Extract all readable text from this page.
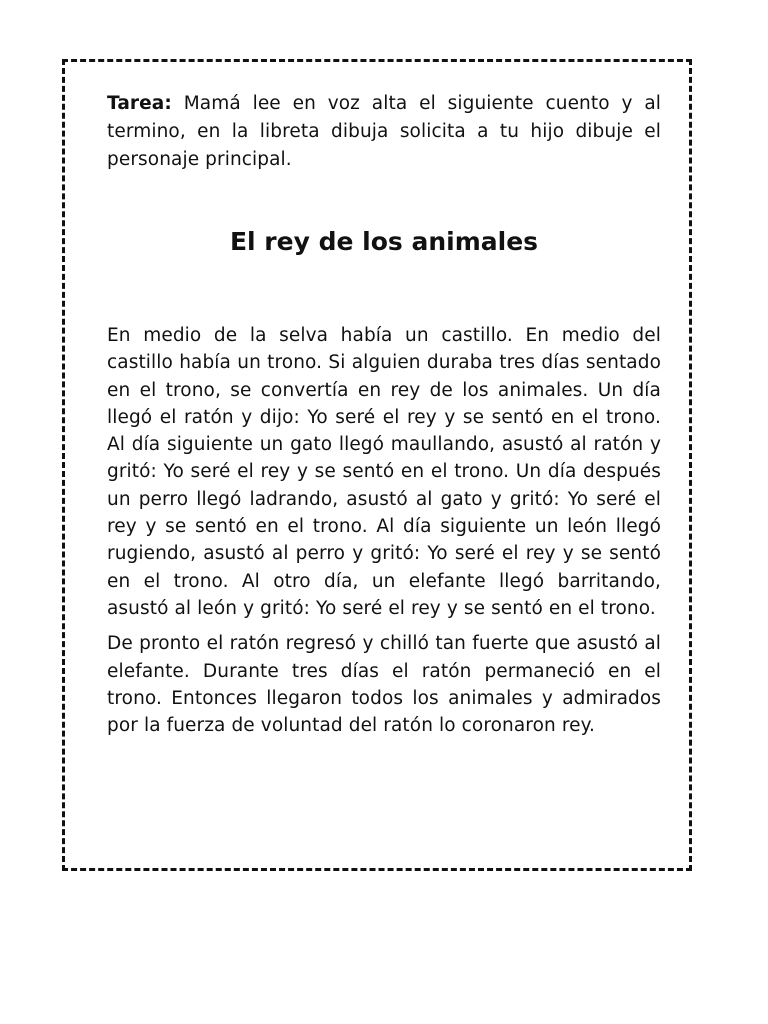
Tarea: Mamá lee en voz alta el siguiente cuento y al termino, en la libreta dibuja solicita a tu hijo dibuje el personaje principal.

El rey de los animales

En medio de la selva había un castillo. En medio del castillo había un trono. Si alguien duraba tres días sentado en el trono, se convertía en rey de los animales. Un día llegó el ratón y dijo: Yo seré el rey y se sentó en el trono. Al día siguiente un gato llegó maullando, asustó al ratón y gritó: Yo seré el rey y se sentó en el trono. Un día después un perro llegó ladrando, asustó al gato y gritó: Yo seré el rey y se sentó en el trono. Al día siguiente un león llegó rugiendo, asustó al perro y gritó: Yo seré el rey y se sentó en el trono. Al otro día, un elefante llegó barritando, asustó al león y gritó: Yo seré el rey y se sentó en el trono.

De pronto el ratón regresó y chilló tan fuerte que asustó al elefante. Durante tres días el ratón permaneció en el trono. Entonces llegaron todos los animales y admirados por la fuerza de voluntad del ratón lo coronaron rey.
